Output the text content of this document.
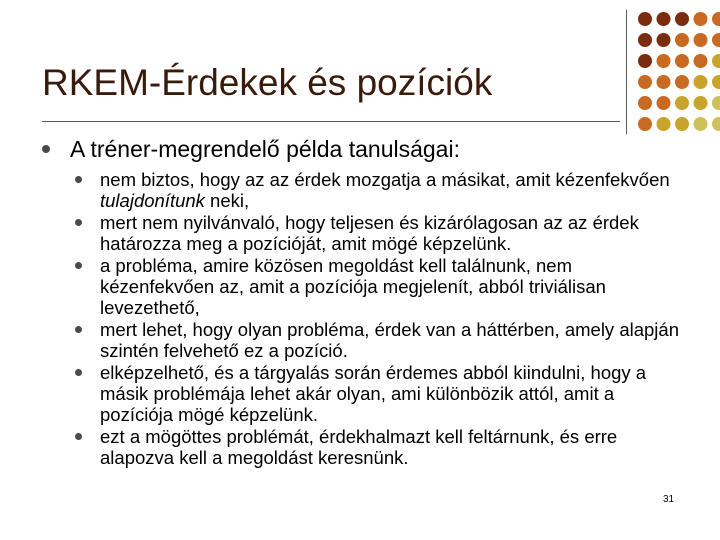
RKEM-Érdekek és pozíciók
A tréner-megrendelő példa tanulságai:
nem biztos, hogy az az érdek mozgatja a másikat, amit kézenfekvően tulajdonítunk neki,
mert nem nyilvánvaló, hogy teljesen és kizárólagosan az az érdek határozza meg a pozícióját, amit mögé képzelünk.
a probléma, amire közösen megoldást kell találnunk, nem kézenfekvően az, amit a pozíciója megjelenít, abból triviálisan levezethető,
mert lehet, hogy olyan probléma, érdek van a háttérben, amely alapján szintén felvehető ez a pozíció.
elképzelhető, és a tárgyalás során érdemes abból kiindulni, hogy a másik problémája lehet akár olyan, ami különbözik attól, amit a pozíciója mögé képzelünk.
ezt a mögöttes problémát, érdekhalmazt kell feltárnunk, és erre alapozva kell a megoldást keresnünk.
31
